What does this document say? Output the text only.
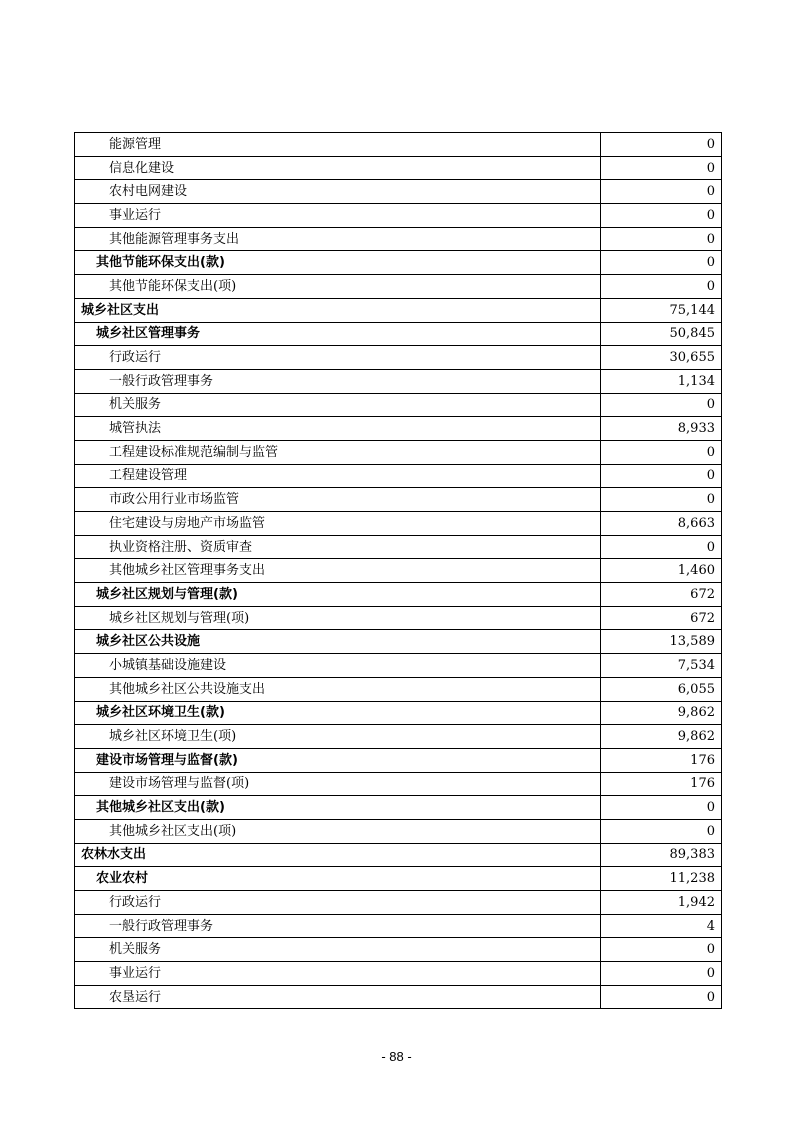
能源管理	0
信息化建设	0
农村电网建设	0
事业运行	0
其他能源管理事务支出	0
其他节能环保支出(款)	0
其他节能环保支出(项)	0
城乡社区支出	75,144
城乡社区管理事务	50,845
行政运行	30,655
一般行政管理事务	1,134
机关服务	0
城管执法	8,933
工程建设标准规范编制与监管	0
工程建设管理	0
市政公用行业市场监管	0
住宅建设与房地产市场监管	8,663
执业资格注册、资质审查	0
其他城乡社区管理事务支出	1,460
城乡社区规划与管理(款)	672
城乡社区规划与管理(项)	672
城乡社区公共设施	13,589
小城镇基础设施建设	7,534
其他城乡社区公共设施支出	6,055
城乡社区环境卫生(款)	9,862
城乡社区环境卫生(项)	9,862
建设市场管理与监督(款)	176
建设市场管理与监督(项)	176
其他城乡社区支出(款)	0
其他城乡社区支出(项)	0
农林水支出	89,383
农业农村	11,238
行政运行	1,942
一般行政管理事务	4
机关服务	0
事业运行	0
农垦运行	0
- 88 -
